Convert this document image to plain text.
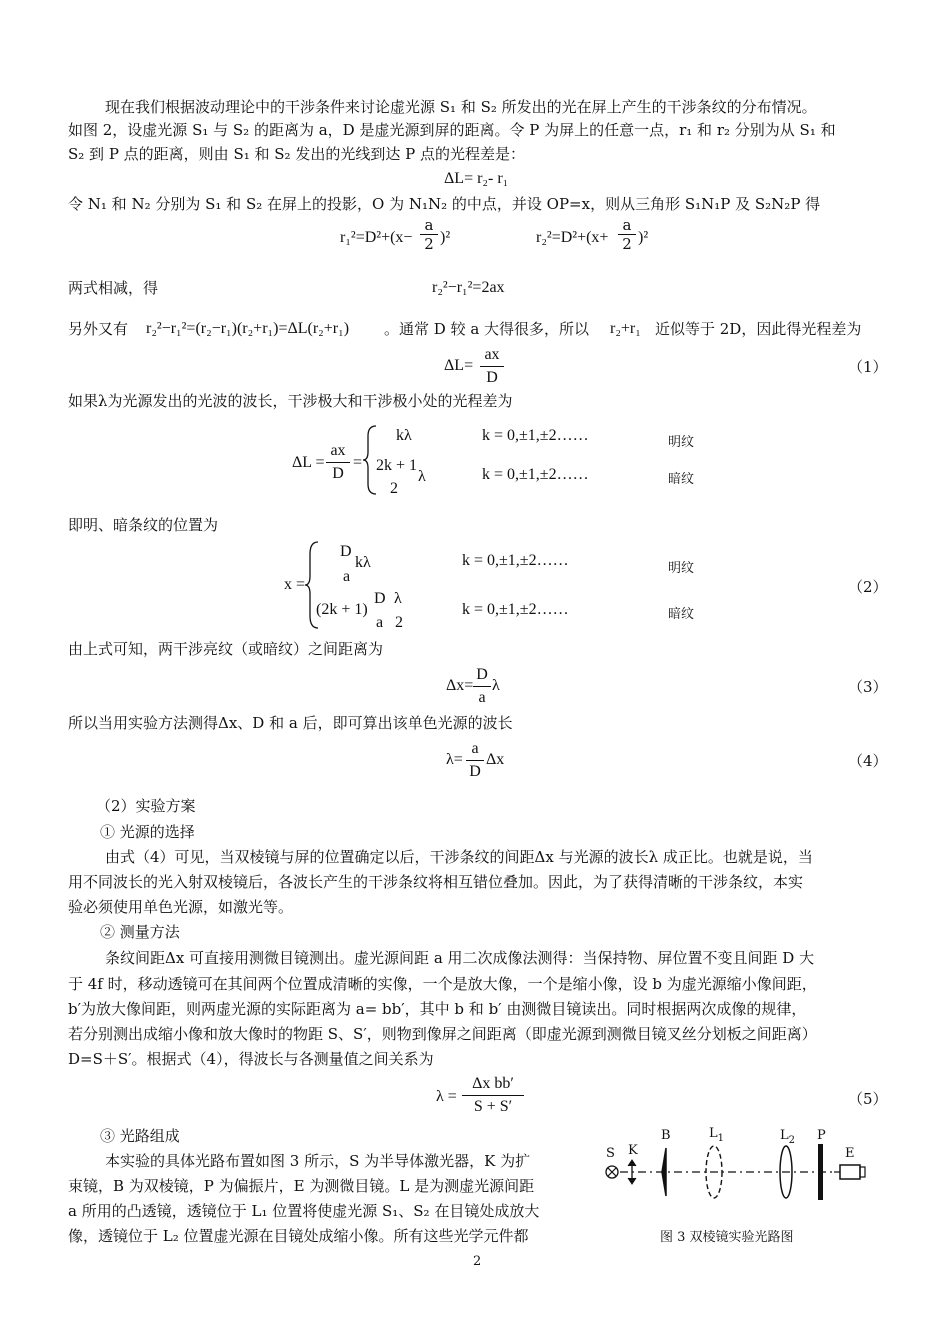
现在我们根据波动理论中的干涉条件来讨论虚光源 S₁ 和 S₂ 所发出的光在屏上产生的干涉条纹的分布情况。
如图 2，设虚光源 S₁ 与 S₂ 的距离为 a，D 是虚光源到屏的距离。令 P 为屏上的任意一点，r₁ 和 r₂ 分别为从 S₁ 和
S₂ 到 P 点的距离，则由 S₁ 和 S₂ 发出的光线到达 P 点的光程差是：
ΔL= r₂- r₁
令 N₁ 和 N₂ 分别为 S₁ 和 S₂ 在屏上的投影，O 为 N₁N₂ 的中点，并设 OP=x，则从三角形 S₁N₁P 及 S₂N₂P 得
$r_1^2=D^2+(x- \frac{a}{2} )^2$	$r_2^2=D^2+(x+ \frac{a}{2} )^2$
两式相减，得	r₂²−r₁²=2ax
另外又有 r₂²−r₁²=(r₂−r₁)(r₂+r₁)=ΔL(r₂+r₁) 。通常 D 较 a 大得很多，所以 r₂+r₁ 近似等于 2D，因此得光程差为
$\Delta L= \frac{ax}{D}$	（1）
如果λ为光源发出的光波的波长，干涉极大和干涉极小处的光程差为
$\Delta L = \frac{ax}{D}$ =
kλ
2k + 1
λ
2
k = 0,±1,±2……
k = 0,±1,±2……
明纹
暗纹
即明、暗条纹的位置为
x =
D
kλ
a
(2k + 1)
D
a
λ
2
k = 0,±1,±2……
k = 0,±1,±2……
明纹
暗纹
（2）
由上式可知，两干涉亮纹（或暗纹）之间距离为
$\Delta x= \frac{D}{a}$ λ	（3）
所以当用实验方法测得Δx、D 和 a 后，即可算出该单色光源的波长
$\lambda= \frac{a}{D}$ Δx	（4）
（2）实验方案
① 光源的选择
由式（4）可见，当双棱镜与屏的位置确定以后，干涉条纹的间距Δx 与光源的波长λ 成正比。也就是说，当
用不同波长的光入射双棱镜后，各波长产生的干涉条纹将相互错位叠加。因此，为了获得清晰的干涉条纹，本实
验必须使用单色光源，如激光等。
② 测量方法
条纹间距Δx 可直接用测微目镜测出。虚光源间距 a 用二次成像法测得：当保持物、屏位置不变且间距 D 大
于 4f 时，移动透镜可在其间两个位置成清晰的实像，一个是放大像，一个是缩小像，设 b 为虚光源缩小像间距，
b′为放大像间距，则两虚光源的实际距离为 a= bb′，其中 b 和 b′ 由测微目镜读出。同时根据两次成像的规律，
若分别测出成缩小像和放大像时的物距 S、S′，则物到像屏之间距离（即虚光源到测微目镜叉丝分划板之间距离）
D=S＋S′。根据式（4），得波长与各测量值之间关系为
$\lambda = \frac{\text{Δx bb′}}{S + S'}$	（5）
③ 光路组成
本实验的具体光路布置如图 3 所示，S 为半导体激光器，K 为扩
束镜，B 为双棱镜，P 为偏振片，E 为测微目镜。L 是为测虚光源间距
a 所用的凸透镜，透镜位于 L₁ 位置将使虚光源 S₁、S₂ 在目镜处成放大
像，透镜位于 L₂ 位置虚光源在目镜处成缩小像。所有这些光学元件都
S K
B	$L_1$	$L_2$ P
E
图 3 双棱镜实验光路图
2
